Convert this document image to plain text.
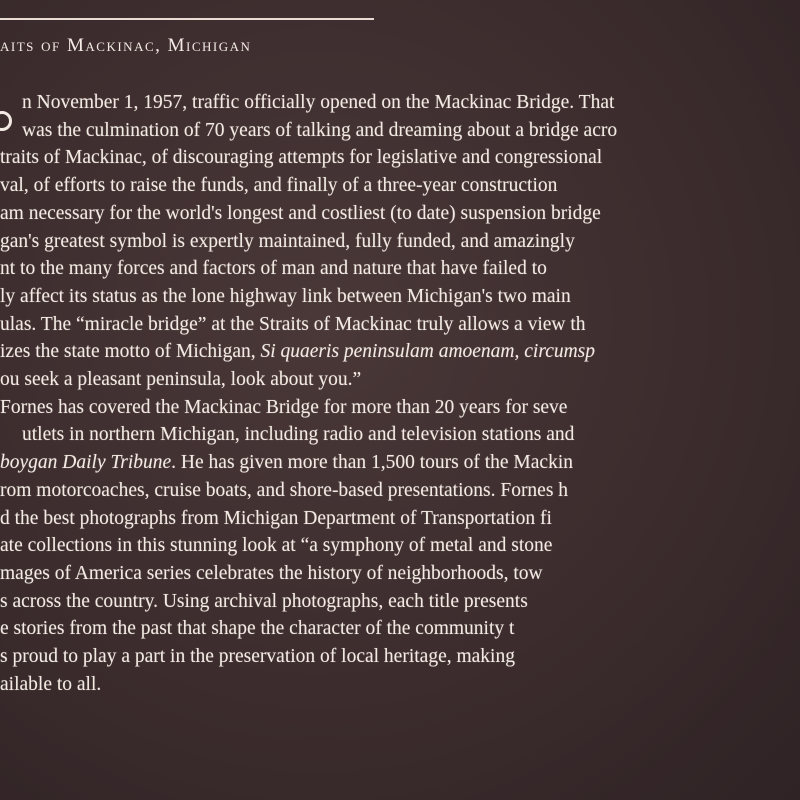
aits of Mackinac, Michigan
n November 1, 1957, traffic officially opened on the Mackinac Bridge. That
was the culmination of 70 years of talking and dreaming about a bridge acro
traits of Mackinac, of discouraging attempts for legislative and congressional
val, of efforts to raise the funds, and finally of a three-year construction
am necessary for the world's longest and costliest (to date) suspension bridge
gan's greatest symbol is expertly maintained, fully funded, and amazingly
nt to the many forces and factors of man and nature that have failed to
ly affect its status as the lone highway link between Michigan's two main
ulas. The “miracle bridge” at the Straits of Mackinac truly allows a view th
izes the state motto of Michigan, Si quaeris peninsulam amoenam, circumsp
ou seek a pleasant peninsula, look about you.”
Fornes has covered the Mackinac Bridge for more than 20 years for seve
utlets in northern Michigan, including radio and television stations and
boygan Daily Tribune. He has given more than 1,500 tours of the Mackin
rom motorcoaches, cruise boats, and shore-based presentations. Fornes h
d the best photographs from Michigan Department of Transportation fi
ate collections in this stunning look at “a symphony of metal and stone
mages of America series celebrates the history of neighborhoods, tow
s across the country. Using archival photographs, each title presents
e stories from the past that shape the character of the community t
s proud to play a part in the preservation of local heritage, making
ailable to all.
